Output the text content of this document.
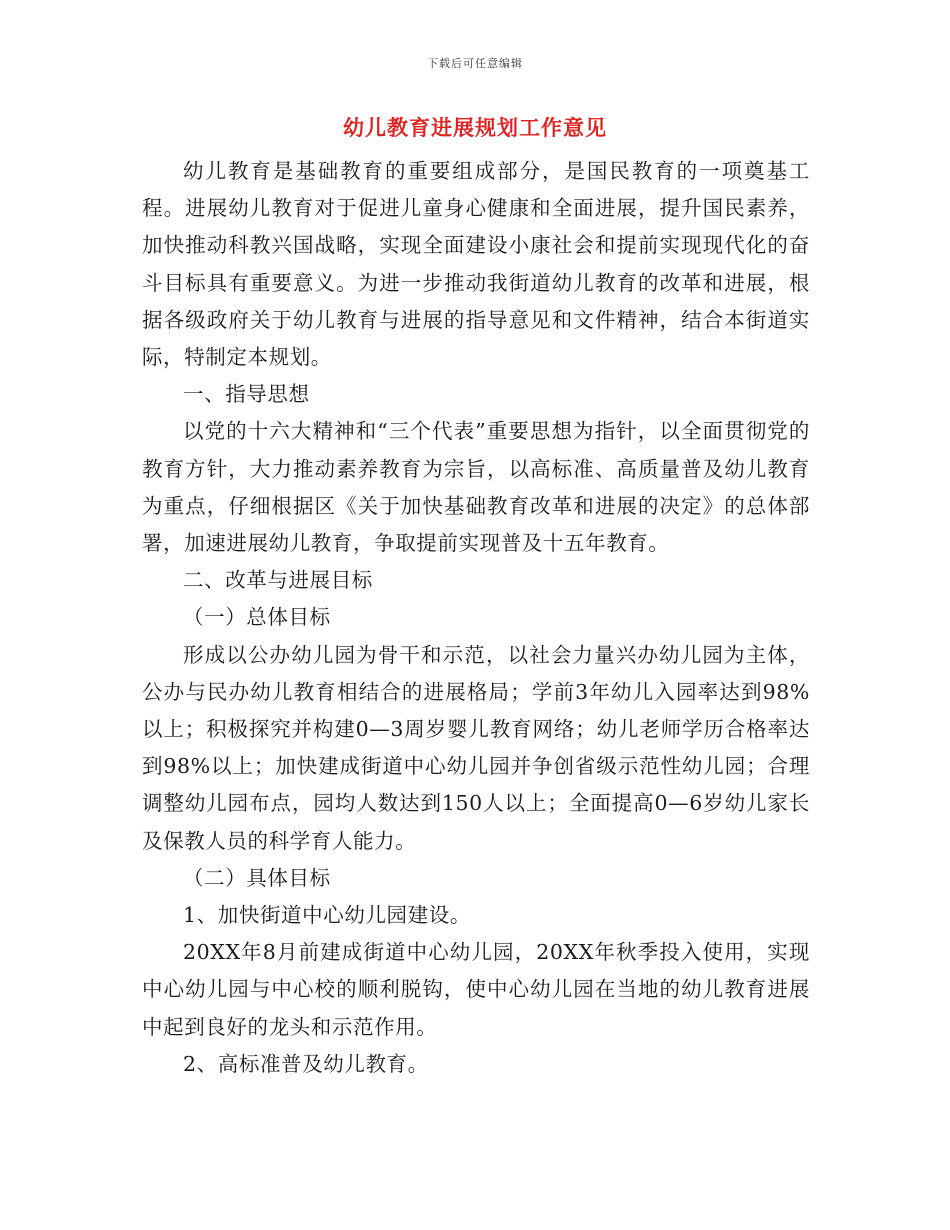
下载后可任意编辑
幼儿教育进展规划工作意见

幼儿教育是基础教育的重要组成部分，是国民教育的一项奠基工程。进展幼儿教育对于促进儿童身心健康和全面进展，提升国民素养，加快推动科教兴国战略，实现全面建设小康社会和提前实现现代化的奋斗目标具有重要意义。为进一步推动我街道幼儿教育的改革和进展，根据各级政府关于幼儿教育与进展的指导意见和文件精神，结合本街道实际，特制定本规划。

一、指导思想

以党的十六大精神和“三个代表”重要思想为指针，以全面贯彻党的教育方针，大力推动素养教育为宗旨，以高标准、高质量普及幼儿教育为重点，仔细根据区《关于加快基础教育改革和进展的决定》的总体部署，加速进展幼儿教育，争取提前实现普及十五年教育。

二、改革与进展目标

（一）总体目标

形成以公办幼儿园为骨干和示范，以社会力量兴办幼儿园为主体，公办与民办幼儿教育相结合的进展格局；学前3年幼儿入园率达到98%以上；积极探究并构建0—3周岁婴儿教育网络；幼儿老师学历合格率达到98%以上；加快建成街道中心幼儿园并争创省级示范性幼儿园；合理调整幼儿园布点，园均人数达到150人以上；全面提高0—6岁幼儿家长及保教人员的科学育人能力。

（二）具体目标

1、加快街道中心幼儿园建设。

20XX年8月前建成街道中心幼儿园，20XX年秋季投入使用，实现中心幼儿园与中心校的顺利脱钩，使中心幼儿园在当地的幼儿教育进展中起到良好的龙头和示范作用。

2、高标准普及幼儿教育。
